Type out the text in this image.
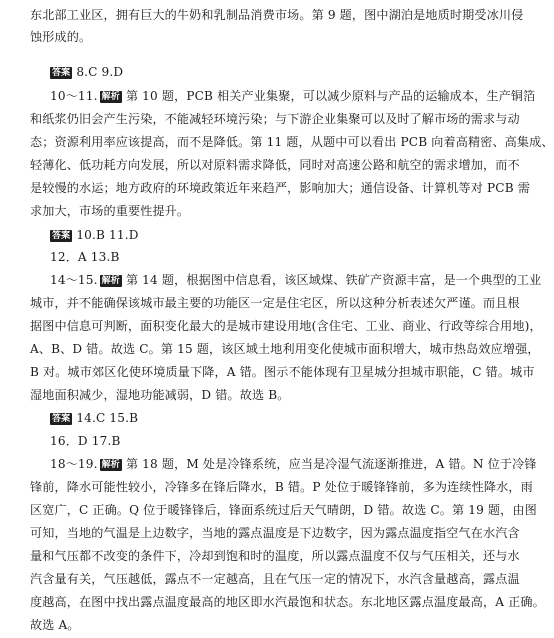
东北部工业区，拥有巨大的牛奶和乳制品消费市场。第 9 题，图中湖泊是地质时期受冰川侵
蚀形成的。
答案 8.C 9.D
10～11. 解析 第 10 题，PCB 相关产业集聚，可以减少原料与产品的运输成本，生产铜箔
和纸浆仍旧会产生污染，不能减轻环境污染；与下游企业集聚可以及时了解市场的需求与动
态；资源利用率应该提高，而不是降低。第 11 题，从题中可以看出 PCB 向着高精密、高集成、
轻薄化、低功耗方向发展，所以对原料需求降低，同时对高速公路和航空的需求增加，而不
是较慢的水运；地方政府的环境政策近年来趋严，影响加大；通信设备、计算机等对 PCB 需
求加大，市场的重要性提升。
答案 10.B 11.D
12．A 13.B
14～15. 解析 第 14 题，根据图中信息看，该区域煤、铁矿产资源丰富，是一个典型的工业
城市，并不能确保该城市最主要的功能区一定是住宅区，所以这种分析表述欠严谨。而且根
据图中信息可判断，面积变化最大的是城市建设用地(含住宅、工业、商业、行政等综合用地)，
A、B、D 错。故选 C。第 15 题，该区域土地利用变化使城市面积增大，城市热岛效应增强，
B 对。城市郊区化使环境质量下降，A 错。图示不能体现有卫星城分担城市职能，C 错。城市
湿地面积减少，湿地功能减弱，D 错。故选 B。
答案 14.C 15.B
16．D 17.B
18～19. 解析 第 18 题，M 处是冷锋系统，应当是冷湿气流逐渐推进，A 错。N 位于冷锋
锋前，降水可能性较小，冷锋多在锋后降水，B 错。P 处位于暖锋锋前，多为连续性降水，雨
区宽广，C 正确。Q 位于暖锋锋后，锋面系统过后天气晴朗，D 错。故选 C。第 19 题，由图
可知，当地的气温是上边数字，当地的露点温度是下边数字，因为露点温度指空气在水汽含
量和气压都不改变的条件下，冷却到饱和时的温度，所以露点温度不仅与气压相关，还与水
汽含量有关，气压越低，露点不一定越高，且在气压一定的情况下，水汽含量越高，露点温
度越高，在图中找出露点温度最高的地区即水汽最饱和状态。东北地区露点温度最高，A 正确。
故选 A。
